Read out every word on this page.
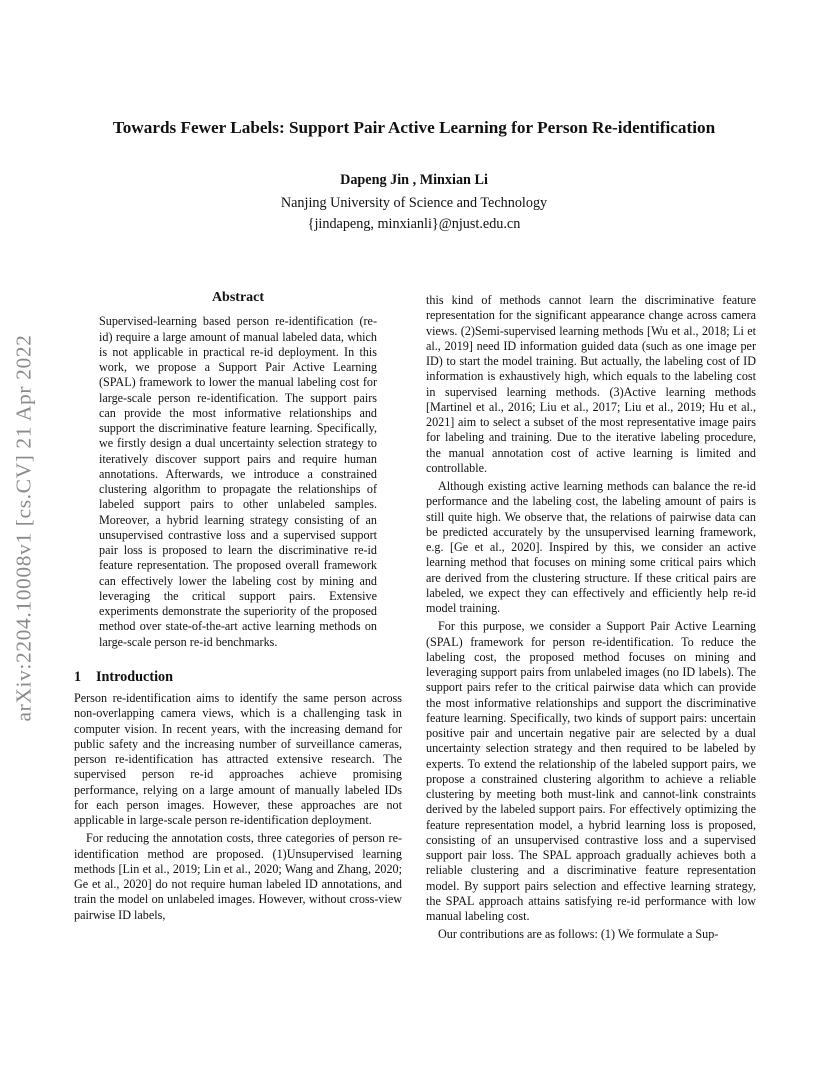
arXiv:2204.10008v1 [cs.CV] 21 Apr 2022
Towards Fewer Labels: Support Pair Active Learning for Person Re-identification
Dapeng Jin , Minxian Li
Nanjing University of Science and Technology
{jindapeng, minxianli}@njust.edu.cn
Abstract

Supervised-learning based person re-identification (re-id) require a large amount of manual labeled data, which is not applicable in practical re-id deployment. In this work, we propose a Support Pair Active Learning (SPAL) framework to lower the manual labeling cost for large-scale person re-identification. The support pairs can provide the most informative relationships and support the discriminative feature learning. Specifically, we firstly design a dual uncertainty selection strategy to iteratively discover support pairs and require human annotations. Afterwards, we introduce a constrained clustering algorithm to propagate the relationships of labeled support pairs to other unlabeled samples. Moreover, a hybrid learning strategy consisting of an unsupervised contrastive loss and a supervised support pair loss is proposed to learn the discriminative re-id feature representation. The proposed overall framework can effectively lower the labeling cost by mining and leveraging the critical support pairs. Extensive experiments demonstrate the superiority of the proposed method over state-of-the-art active learning methods on large-scale person re-id benchmarks.

1 Introduction

Person re-identification aims to identify the same person across non-overlapping camera views, which is a challenging task in computer vision. In recent years, with the increasing demand for public safety and the increasing number of surveillance cameras, person re-identification has attracted extensive research. The supervised person re-id approaches achieve promising performance, relying on a large amount of manually labeled IDs for each person images. However, these approaches are not applicable in large-scale person re-identification deployment.

For reducing the annotation costs, three categories of person re-identification method are proposed. (1)Unsupervised learning methods [Lin et al., 2019; Lin et al., 2020; Wang and Zhang, 2020; Ge et al., 2020] do not require human labeled ID annotations, and train the model on unlabeled images. However, without cross-view pairwise ID labels,

this kind of methods cannot learn the discriminative feature representation for the significant appearance change across camera views. (2)Semi-supervised learning methods [Wu et al., 2018; Li et al., 2019] need ID information guided data (such as one image per ID) to start the model training. But actually, the labeling cost of ID information is exhaustively high, which equals to the labeling cost in supervised learning methods. (3)Active learning methods [Martinel et al., 2016; Liu et al., 2017; Liu et al., 2019; Hu et al., 2021] aim to select a subset of the most representative image pairs for labeling and training. Due to the iterative labeling procedure, the manual annotation cost of active learning is limited and controllable.

Although existing active learning methods can balance the re-id performance and the labeling cost, the labeling amount of pairs is still quite high. We observe that, the relations of pairwise data can be predicted accurately by the unsupervised learning framework, e.g. [Ge et al., 2020]. Inspired by this, we consider an active learning method that focuses on mining some critical pairs which are derived from the clustering structure. If these critical pairs are labeled, we expect they can effectively and efficiently help re-id model training.

For this purpose, we consider a Support Pair Active Learning (SPAL) framework for person re-identification. To reduce the labeling cost, the proposed method focuses on mining and leveraging support pairs from unlabeled images (no ID labels). The support pairs refer to the critical pairwise data which can provide the most informative relationships and support the discriminative feature learning. Specifically, two kinds of support pairs: uncertain positive pair and uncertain negative pair are selected by a dual uncertainty selection strategy and then required to be labeled by experts. To extend the relationship of the labeled support pairs, we propose a constrained clustering algorithm to achieve a reliable clustering by meeting both must-link and cannot-link constraints derived by the labeled support pairs. For effectively optimizing the feature representation model, a hybrid learning loss is proposed, consisting of an unsupervised contrastive loss and a supervised support pair loss. The SPAL approach gradually achieves both a reliable clustering and a discriminative feature representation model. By support pairs selection and effective learning strategy, the SPAL approach attains satisfying re-id performance with low manual labeling cost.

Our contributions are as follows: (1) We formulate a Sup-
